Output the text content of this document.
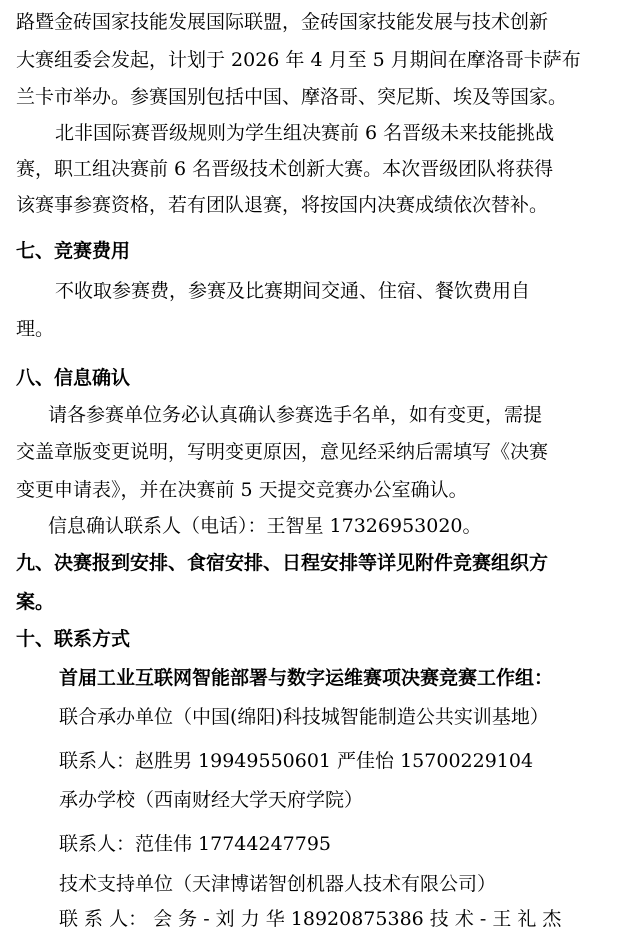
路暨金砖国家技能发展国际联盟，金砖国家技能发展与技术创新
大赛组委会发起，计划于 2026 年 4 月至 5 月期间在摩洛哥卡萨布
兰卡市举办。参赛国别包括中国、摩洛哥、突尼斯、埃及等国家。
北非国际赛晋级规则为学生组决赛前 6 名晋级未来技能挑战
赛，职工组决赛前 6 名晋级技术创新大赛。本次晋级团队将获得
该赛事参赛资格，若有团队退赛，将按国内决赛成绩依次替补。
七、竞赛费用
不收取参赛费，参赛及比赛期间交通、住宿、餐饮费用自
理。
八、信息确认
请各参赛单位务必认真确认参赛选手名单，如有变更，需提
交盖章版变更说明，写明变更原因，意见经采纳后需填写《决赛
变更申请表》，并在决赛前 5 天提交竞赛办公室确认。
信息确认联系人（电话）：王智星 17326953020。
九、决赛报到安排、食宿安排、日程安排等详见附件竞赛组织方
案。
十、联系方式
首届工业互联网智能部署与数字运维赛项决赛竞赛工作组：
联合承办单位（中国(绵阳)科技城智能制造公共实训基地）
联系人：赵胜男 19949550601 严佳怡 15700229104
承办学校（西南财经大学天府学院）
联系人：范佳伟 17744247795
技术支持单位（天津博诺智创机器人技术有限公司）
联 系 人： 会 务 - 刘 力 华 18920875386 技 术 - 王 礼 杰
